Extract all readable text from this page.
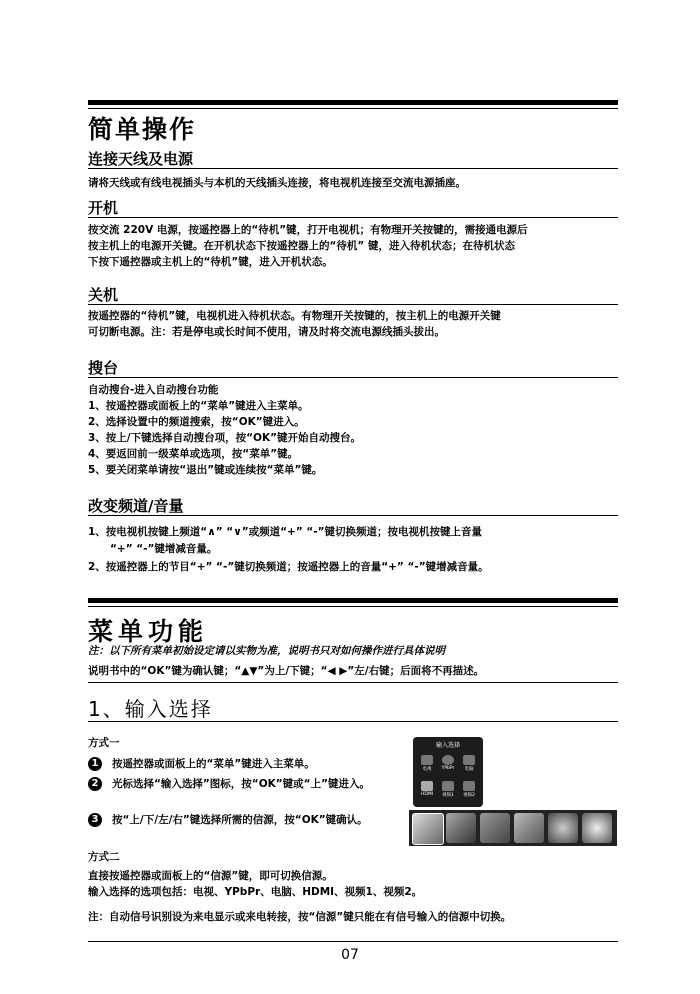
简单操作
连接天线及电源
请将天线或有线电视插头与本机的天线插头连接，将电视机连接至交流电源插座。
开机
按交流 220V 电源，按遥控器上的“待机”键，打开电视机；有物理开关按键的，需接通电源后
按主机上的电源开关键。在开机状态下按遥控器上的“待机” 键，进入待机状态；在待机状态
下按下遥控器或主机上的“待机”键，进入开机状态。
关机
按遥控器的“待机”键，电视机进入待机状态。有物理开关按键的，按主机上的电源开关键
可切断电源。注：若是停电或长时间不使用，请及时将交流电源线插头拔出。
搜台
自动搜台-进入自动搜台功能
1、按遥控器或面板上的“菜单”键进入主菜单。
2、选择设置中的频道搜索，按“OK”键进入。
3、按上/下键选择自动搜台项，按“OK”键开始自动搜台。
4、要返回前一级菜单或选项，按“菜单”键。
5、要关闭菜单请按“退出”键或连续按“菜单”键。
改变频道/音量
1、按电视机按键上频道“∧” “∨”或频道“+” “-”键切换频道；按电视机按键上音量
“+” “-”键增减音量。
2、按遥控器上的节目“+” “-”键切换频道；按遥控器上的音量“+” “-”键增减音量。
菜单功能
注：以下所有菜单初始设定请以实物为准，说明书只对如何操作进行具体说明
说明书中的“OK”键为确认键；“▲▼”为上/下键；“◀ ▶”左/右键；后面将不再描述。
1、输入选择
方式一
1	按遥控器或面板上的“菜单”键进入主菜单。
2	光标选择“输入选择”图标，按“OK”键或“上”键进入。
3	按“上/下/左/右”键选择所需的信源，按“OK”键确认。
方式二
直接按遥控器或面板上的“信源”键，即可切换信源。
输入选择的选项包括：电视、YPbPr、电脑、HDMI、视频1、视频2。
注：自动信号识别设为来电显示或来电转接，按“信源”键只能在有信号输入的信源中切换。
输入选择
电视	YPbPr	电脑
HDMI	视频1	视频2
07
